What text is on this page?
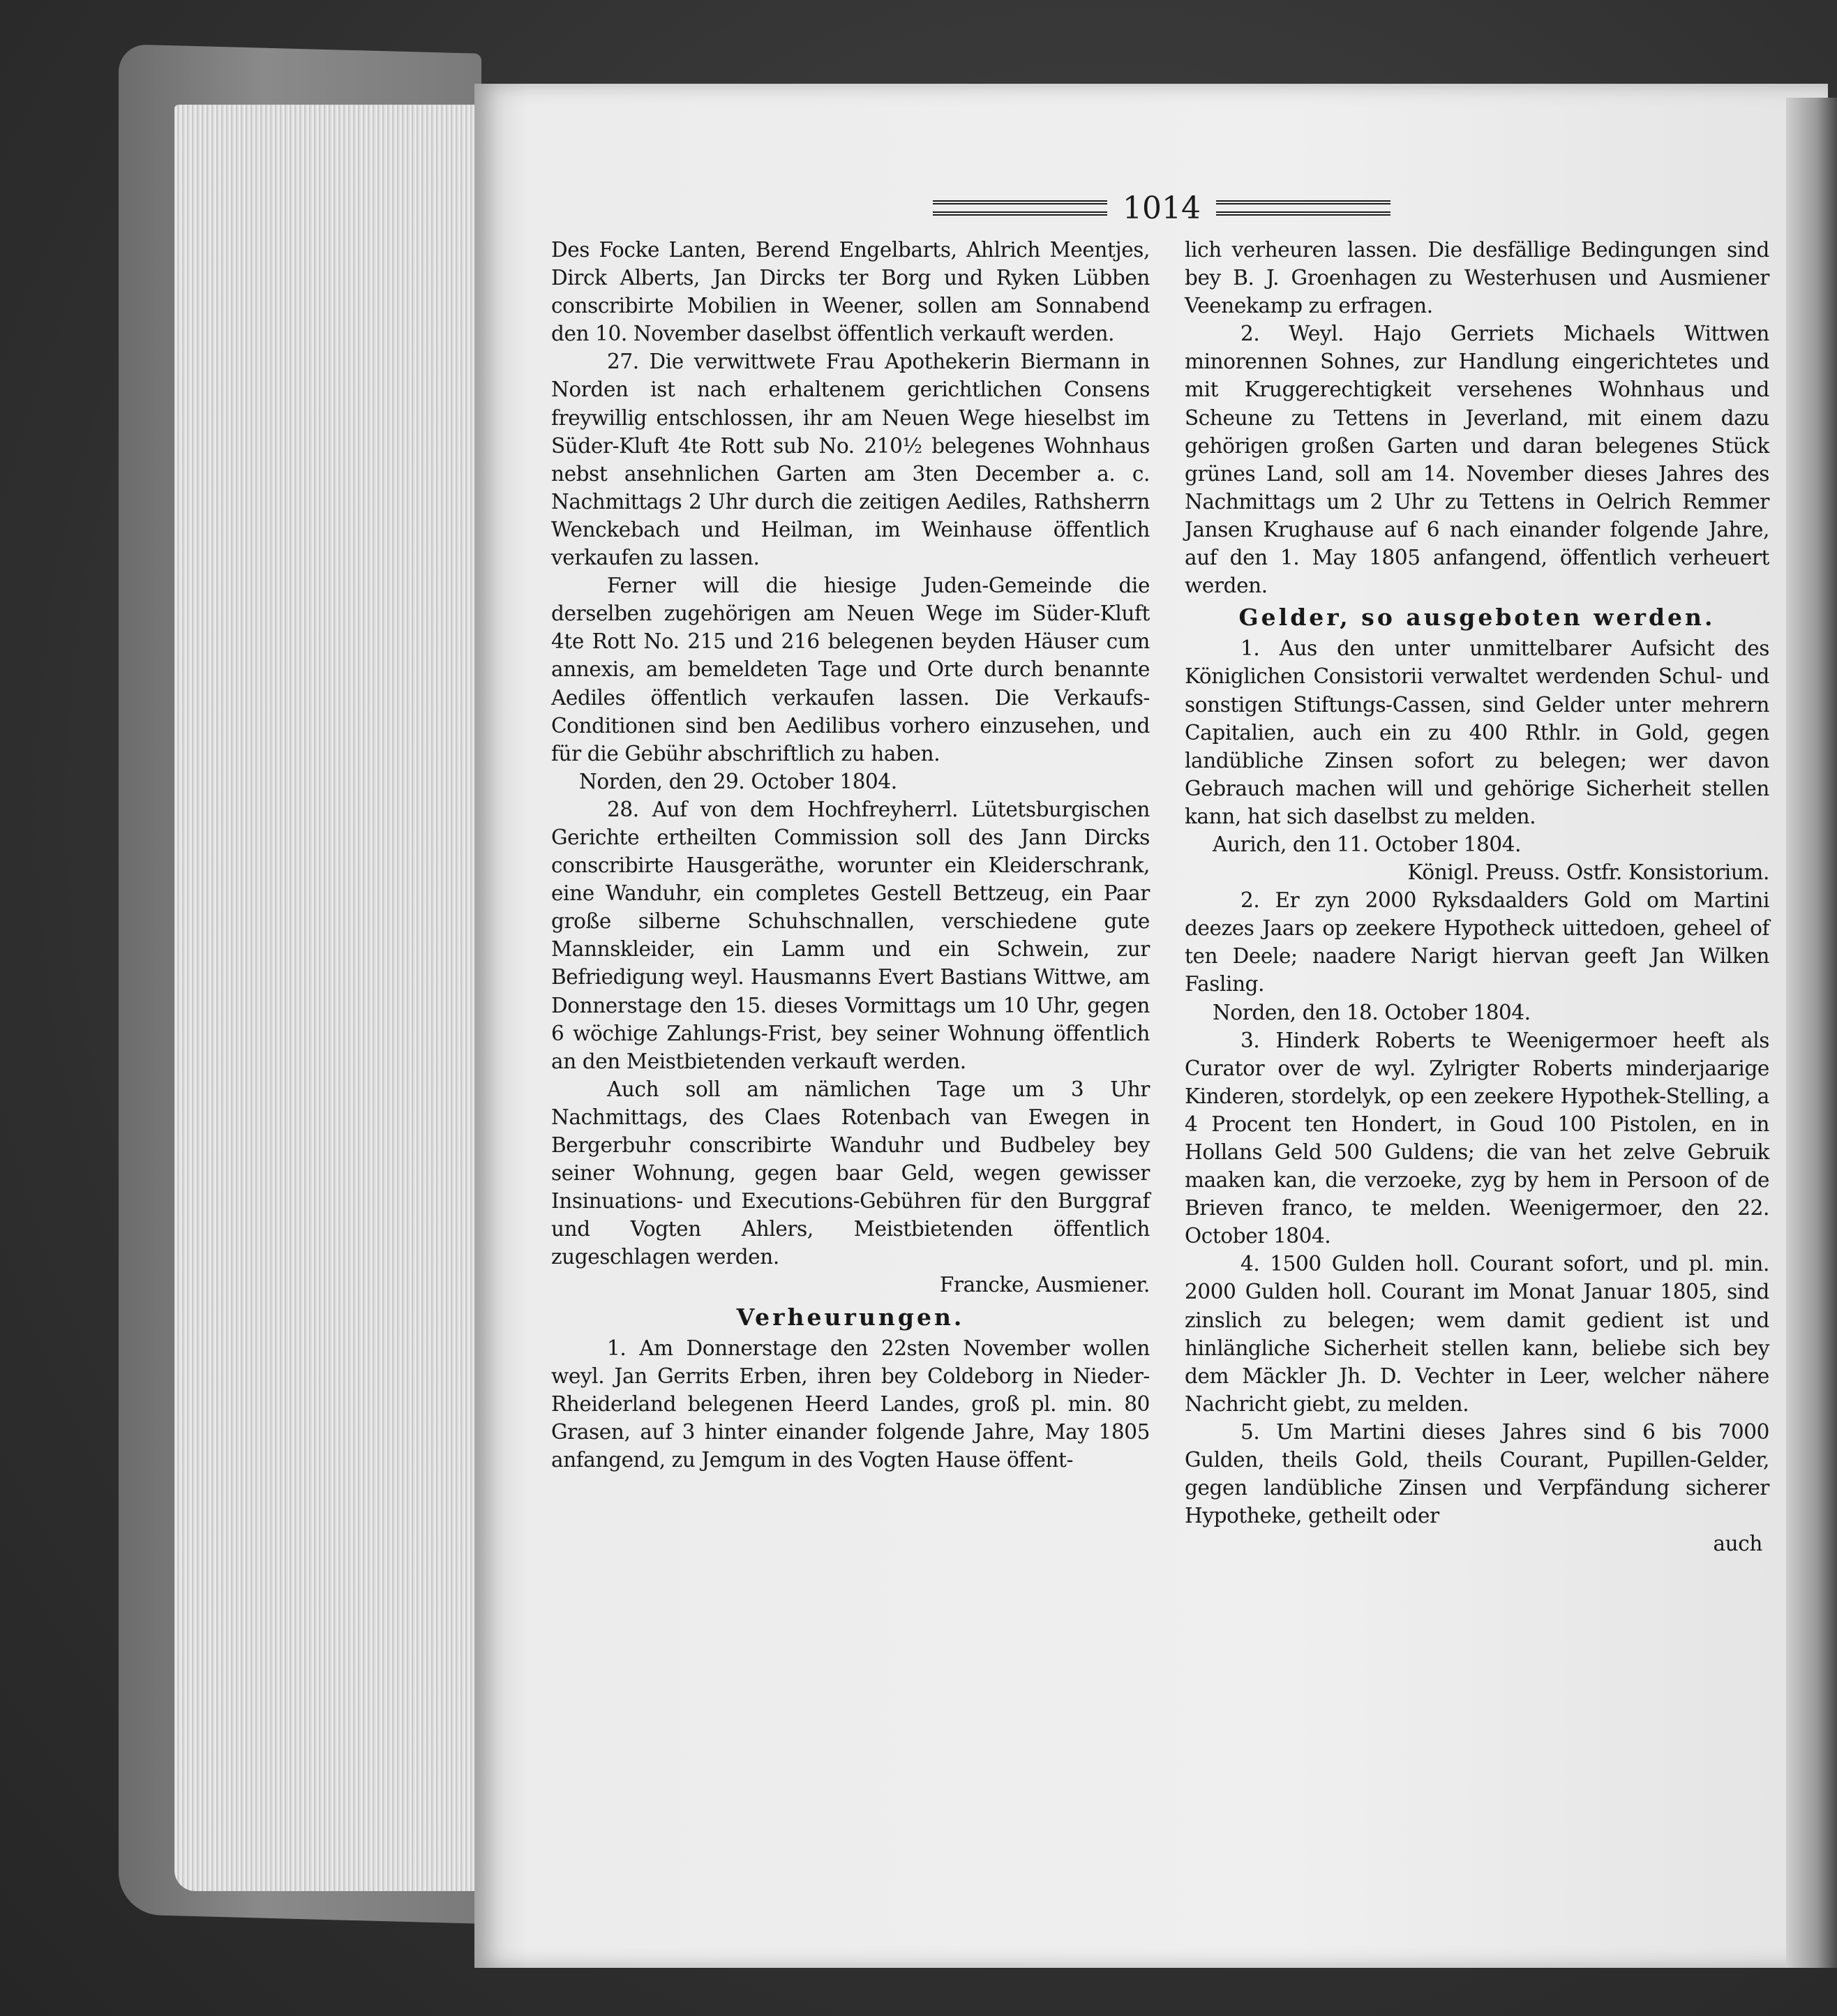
1014

Des Focke Lanten, Berend Engelbarts, Ahlrich Meentjes, Dirck Alberts, Jan Dircks ter Borg und Ryken Lübben conscribirte Mobilien in Weener, sollen am Sonnabend den 10. November daselbst öffentlich verkauft werden.

27. Die verwittwete Frau Apothekerin Biermann in Norden ist nach erhaltenem gerichtlichen Consens freywillig entschlossen, ihr am Neuen Wege hieselbst im Süder-Kluft 4te Rott sub No. 210½ belegenes Wohnhaus nebst ansehnlichen Garten am 3ten December a. c. Nachmittags 2 Uhr durch die zeitigen Aediles, Rathsherrn Wenckebach und Heilman, im Weinhause öffentlich verkaufen zu lassen.

Ferner will die hiesige Juden-Gemeinde die derselben zugehörigen am Neuen Wege im Süder-Kluft 4te Rott No. 215 und 216 belegenen beyden Häuser cum annexis, am bemeldeten Tage und Orte durch benannte Aediles öffentlich verkaufen lassen. Die Verkaufs-Conditionen sind ben Aedilibus vorhero einzusehen, und für die Gebühr abschriftlich zu haben.

Norden, den 29. October 1804.

28. Auf von dem Hochfreyherrl. Lütetsburgischen Gerichte ertheilten Commission soll des Jann Dircks conscribirte Hausgeräthe, worunter ein Kleiderschrank, eine Wanduhr, ein completes Gestell Bettzeug, ein Paar große silberne Schuhschnallen, verschiedene gute Mannskleider, ein Lamm und ein Schwein, zur Befriedigung weyl. Hausmanns Evert Bastians Wittwe, am Donnerstage den 15. dieses Vormittags um 10 Uhr, gegen 6 wöchige Zahlungs-Frist, bey seiner Wohnung öffentlich an den Meistbietenden verkauft werden.

Auch soll am nämlichen Tage um 3 Uhr Nachmittags, des Claes Rotenbach van Ewegen in Bergerbuhr conscribirte Wanduhr und Budbeley bey seiner Wohnung, gegen baar Geld, wegen gewisser Insinuations- und Executions-Gebühren für den Burggraf und Vogten Ahlers, Meistbietenden öffentlich zugeschlagen werden.

Francke, Ausmiener.

Verheurungen.

1. Am Donnerstage den 22sten November wollen weyl. Jan Gerrits Erben, ihren bey Coldeborg in Nieder-Rheiderland belegenen Heerd Landes, groß pl. min. 80 Grasen, auf 3 hinter einander folgende Jahre, May 1805 anfangend, zu Jemgum in des Vogten Hause öffent-

lich verheuren lassen. Die desfällige Bedingungen sind bey B. J. Groenhagen zu Westerhusen und Ausmiener Veenekamp zu erfragen.

2. Weyl. Hajo Gerriets Michaels Wittwen minorennen Sohnes, zur Handlung eingerichtetes und mit Kruggerechtigkeit versehenes Wohnhaus und Scheune zu Tettens in Jeverland, mit einem dazu gehörigen großen Garten und daran belegenes Stück grünes Land, soll am 14. November dieses Jahres des Nachmittags um 2 Uhr zu Tettens in Oelrich Remmer Jansen Krughause auf 6 nach einander folgende Jahre, auf den 1. May 1805 anfangend, öffentlich verheuert werden.

Gelder, so ausgeboten werden.

1. Aus den unter unmittelbarer Aufsicht des Königlichen Consistorii verwaltet werdenden Schul- und sonstigen Stiftungs-Cassen, sind Gelder unter mehrern Capitalien, auch ein zu 400 Rthlr. in Gold, gegen landübliche Zinsen sofort zu belegen; wer davon Gebrauch machen will und gehörige Sicherheit stellen kann, hat sich daselbst zu melden.

Aurich, den 11. October 1804.

Königl. Preuss. Ostfr. Konsistorium.

2. Er zyn 2000 Ryksdaalders Gold om Martini deezes Jaars op zeekere Hypotheck uittedoen, geheel of ten Deele; naadere Narigt hiervan geeft Jan Wilken Fasling.

Norden, den 18. October 1804.

3. Hinderk Roberts te Weenigermoer heeft als Curator over de wyl. Zylrigter Roberts minderjaarige Kinderen, stordelyk, op een zeekere Hypothek-Stelling, a 4 Procent ten Hondert, in Goud 100 Pistolen, en in Hollans Geld 500 Guldens; die van het zelve Gebruik maaken kan, die verzoeke, zyg by hem in Persoon of de Brieven franco, te melden. Weenigermoer, den 22. October 1804.

4. 1500 Gulden holl. Courant sofort, und pl. min. 2000 Gulden holl. Courant im Monat Januar 1805, sind zinslich zu belegen; wem damit gedient ist und hinlängliche Sicherheit stellen kann, beliebe sich bey dem Mäckler Jh. D. Vechter in Leer, welcher nähere Nachricht giebt, zu melden.

5. Um Martini dieses Jahres sind 6 bis 7000 Gulden, theils Gold, theils Courant, Pupillen-Gelder, gegen landübliche Zinsen und Verpfändung sicherer Hypotheke, getheilt oder

auch
